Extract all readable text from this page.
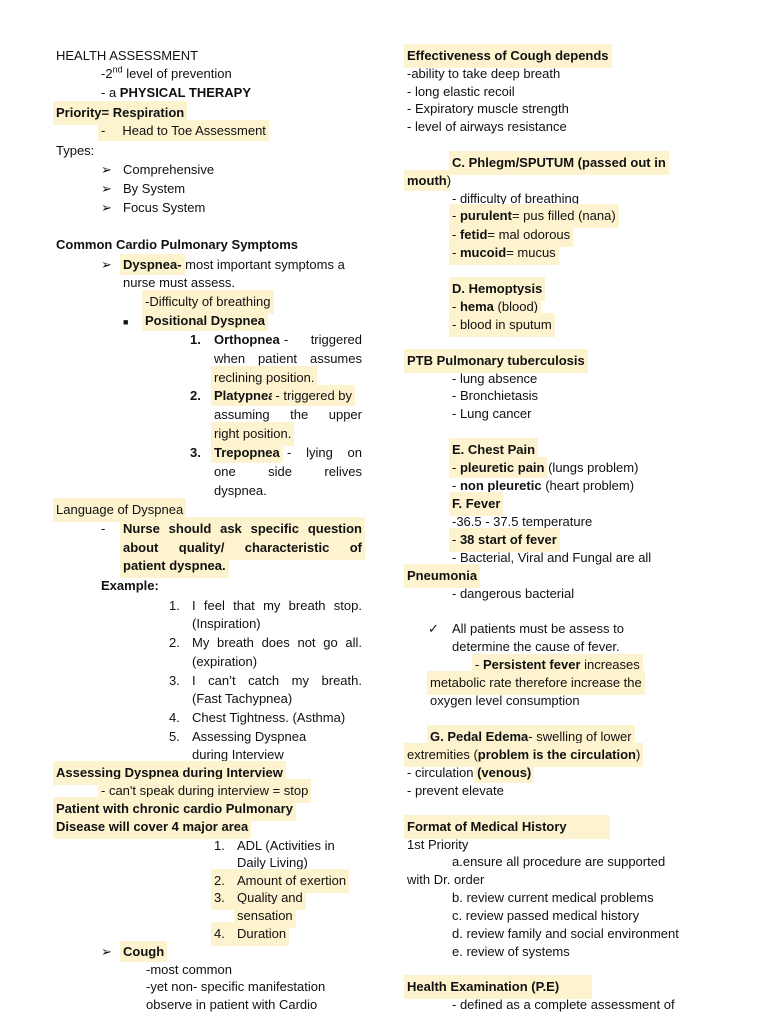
HEALTH ASSESSMENT
-2nd level of prevention
- a PHYSICAL THERAPY
Priority= Respiration
- Head to Toe Assessment
Types:
➢ Comprehensive
➢ By System
➢ Focus System
Common Cardio Pulmonary Symptoms
➢ Dyspnea- most important symptoms a
nurse must assess.
-Difficulty of breathing
■ Positional Dyspnea
1. Orthopnea - triggered
when patient assumes
reclining position.
2. Platypnea- triggered by
assuming the upper
right position.
3. Trepopnea - lying on
one side relives
dyspnea.
Language of Dyspnea
- Nurse should ask specific question
about quality/ characteristic of
patient dyspnea.
Example:
1. I feel that my breath stop.
(Inspiration)
2. My breath does not go all.
(expiration)
3. I can’t catch my breath.
(Fast Tachypnea)
4. Chest Tightness. (Asthma)
5. Assessing Dyspnea
during Interview
Assessing Dyspnea during Interview
- can't speak during interview = stop
Patient with chronic cardio Pulmonary
Disease will cover 4 major area
1. ADL (Activities in
Daily Living)
2. Amount of exertion
3. Quality and
sensation
4. Duration
➢ Cough
-most common
-yet non- specific manifestation
observe in patient with Cardio
Effectiveness of Cough depends
-ability to take deep breath
- long elastic recoil
- Expiratory muscle strength
- level of airways resistance
C. Phlegm/SPUTUM (passed out in
mouth)
- difficulty of breathing
- purulent= pus filled (nana)
- fetid= mal odorous
- mucoid= mucus
D. Hemoptysis
- hema (blood)
- blood in sputum
PTB Pulmonary tuberculosis
- lung absence
- Bronchietasis
- Lung cancer
E. Chest Pain
- pleuretic pain (lungs problem)
- non pleuretic (heart problem)
F. Fever
-36.5 - 37.5 temperature
- 38 start of fever
- Bacterial, Viral and Fungal are all
Pneumonia
- dangerous bacterial
✓ All patients must be assess to
determine the cause of fever.
- Persistent fever increases
metabolic rate therefore increase the
oxygen level consumption
G. Pedal Edema- swelling of lower
extremities (problem is the circulation)
- circulation (venous)
- prevent elevate
Format of Medical History
1st Priority
a.ensure all procedure are supported
with Dr. order
b. review current medical problems
c. review passed medical history
d. review family and social environment
e. review of systems
Health Examination (P.E)
- defined as a complete assessment of
